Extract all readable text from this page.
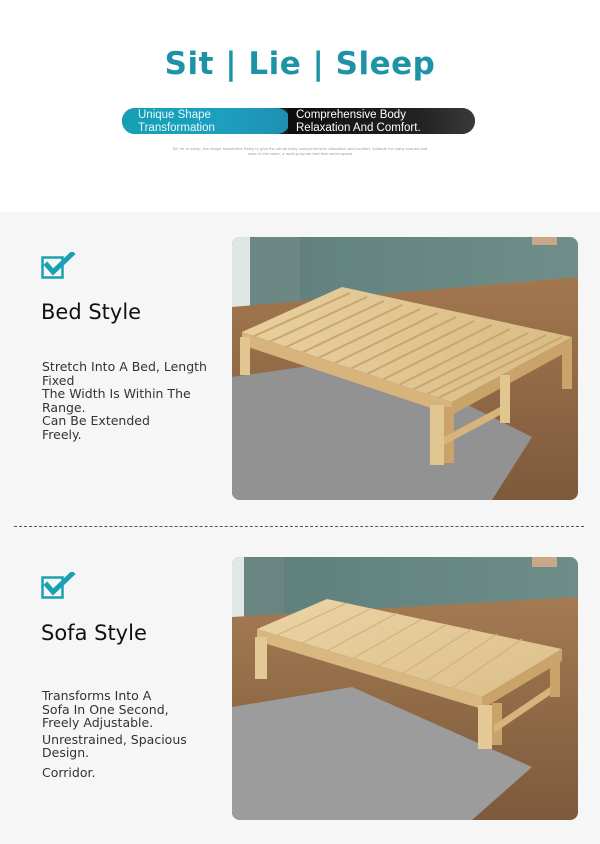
Sit | Lie | Sleep
Unique Shape
Transformation
Comprehensive Body
Relaxation And Comfort.
Sit, lie or sleep, the shape transforms freely to give the whole body comprehensive relaxation and comfort, suitable for many scenes and uses in the home, a multi-purpose bed that saves space
Bed Style
Stretch Into A Bed, Length
Fixed
The Width Is Within The
Range.
Can Be Extended
Freely.
Sofa Style
Transforms Into A
Sofa In One Second,
Freely Adjustable.
Unrestrained, Spacious
Design.
Corridor.
